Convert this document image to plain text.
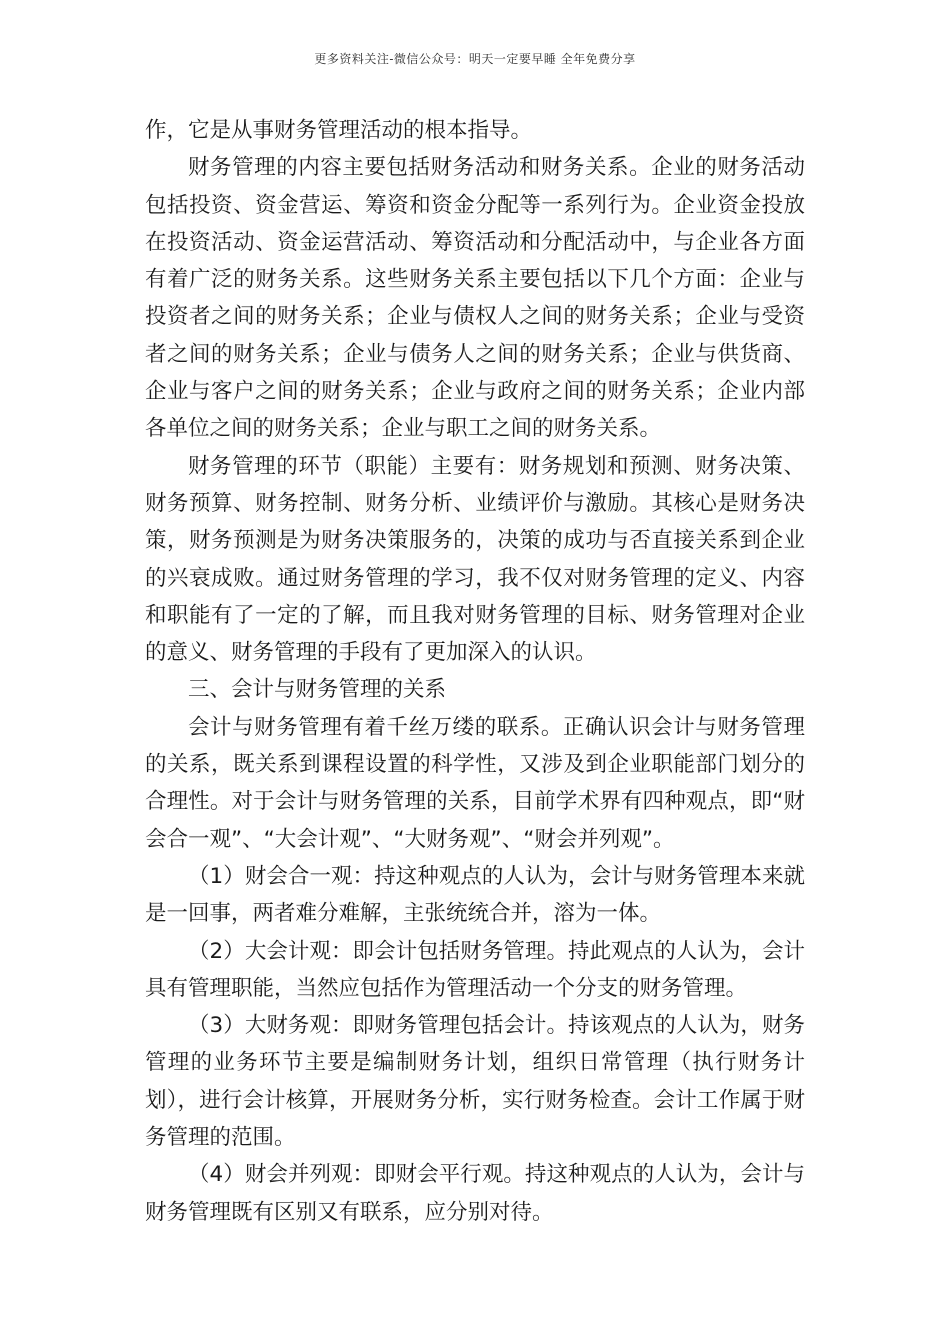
更多资料关注-微信公众号：明天一定要早睡 全年免费分享

作，它是从事财务管理活动的根本指导。

财务管理的内容主要包括财务活动和财务关系。企业的财务活动包括投资、资金营运、筹资和资金分配等一系列行为。企业资金投放在投资活动、资金运营活动、筹资活动和分配活动中，与企业各方面有着广泛的财务关系。这些财务关系主要包括以下几个方面：企业与投资者之间的财务关系；企业与债权人之间的财务关系；企业与受资者之间的财务关系；企业与债务人之间的财务关系；企业与供货商、企业与客户之间的财务关系；企业与政府之间的财务关系；企业内部各单位之间的财务关系；企业与职工之间的财务关系。

财务管理的环节（职能）主要有：财务规划和预测、财务决策、财务预算、财务控制、财务分析、业绩评价与激励。其核心是财务决策，财务预测是为财务决策服务的，决策的成功与否直接关系到企业的兴衰成败。通过财务管理的学习，我不仅对财务管理的定义、内容和职能有了一定的了解，而且我对财务管理的目标、财务管理对企业的意义、财务管理的手段有了更加深入的认识。

三、会计与财务管理的关系

会计与财务管理有着千丝万缕的联系。正确认识会计与财务管理的关系，既关系到课程设置的科学性，又涉及到企业职能部门划分的合理性。对于会计与财务管理的关系，目前学术界有四种观点，即“财会合一观”、“大会计观”、“大财务观”、“财会并列观”。

（1）财会合一观：持这种观点的人认为，会计与财务管理本来就是一回事，两者难分难解，主张统统合并，溶为一体。

（2）大会计观：即会计包括财务管理。持此观点的人认为，会计具有管理职能，当然应包括作为管理活动一个分支的财务管理。

（3）大财务观：即财务管理包括会计。持该观点的人认为，财务管理的业务环节主要是编制财务计划，组织日常管理（执行财务计划），进行会计核算，开展财务分析，实行财务检查。会计工作属于财务管理的范围。

（4）财会并列观：即财会平行观。持这种观点的人认为，会计与财务管理既有区别又有联系，应分别对待。
